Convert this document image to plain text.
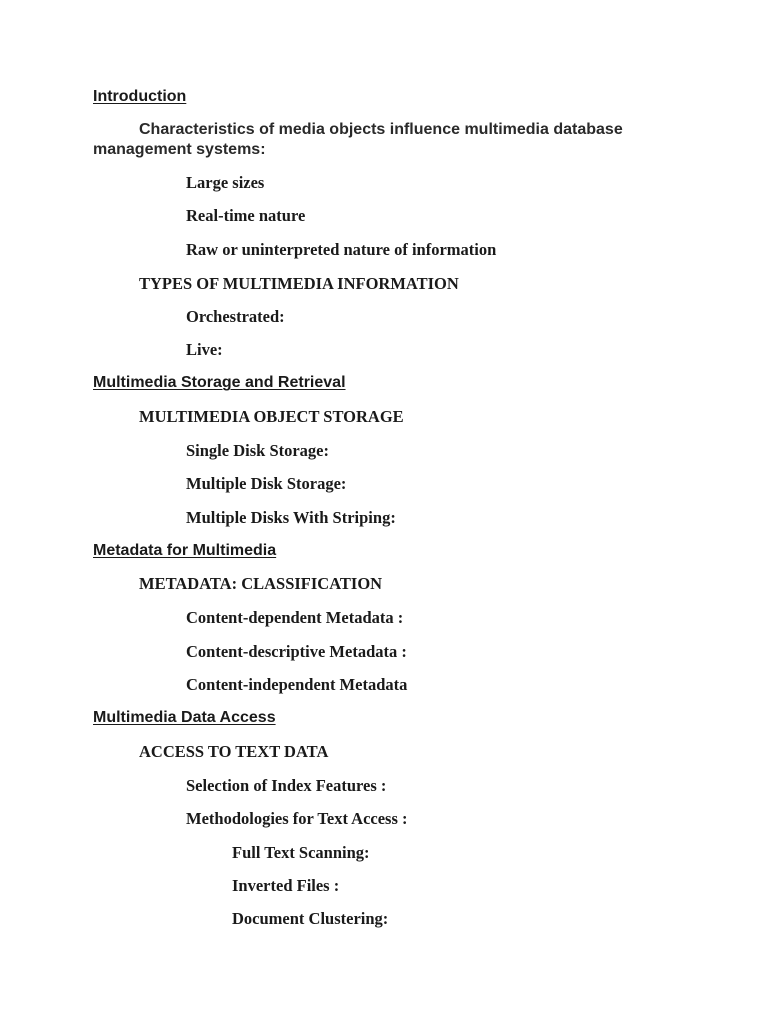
Introduction
Characteristics of media objects influence multimedia database
management systems:
Large sizes
Real-time nature
Raw or uninterpreted nature of information
TYPES OF MULTIMEDIA INFORMATION
Orchestrated:
Live:
Multimedia Storage and Retrieval
MULTIMEDIA OBJECT STORAGE
Single Disk Storage:
Multiple Disk Storage:
Multiple Disks With Striping:
Metadata for Multimedia
METADATA: CLASSIFICATION
Content-dependent Metadata :
Content-descriptive Metadata :
Content-independent Metadata
Multimedia Data Access
ACCESS TO TEXT DATA
Selection of Index Features :
Methodologies for Text Access :
Full Text Scanning:
Inverted Files :
Document Clustering:
